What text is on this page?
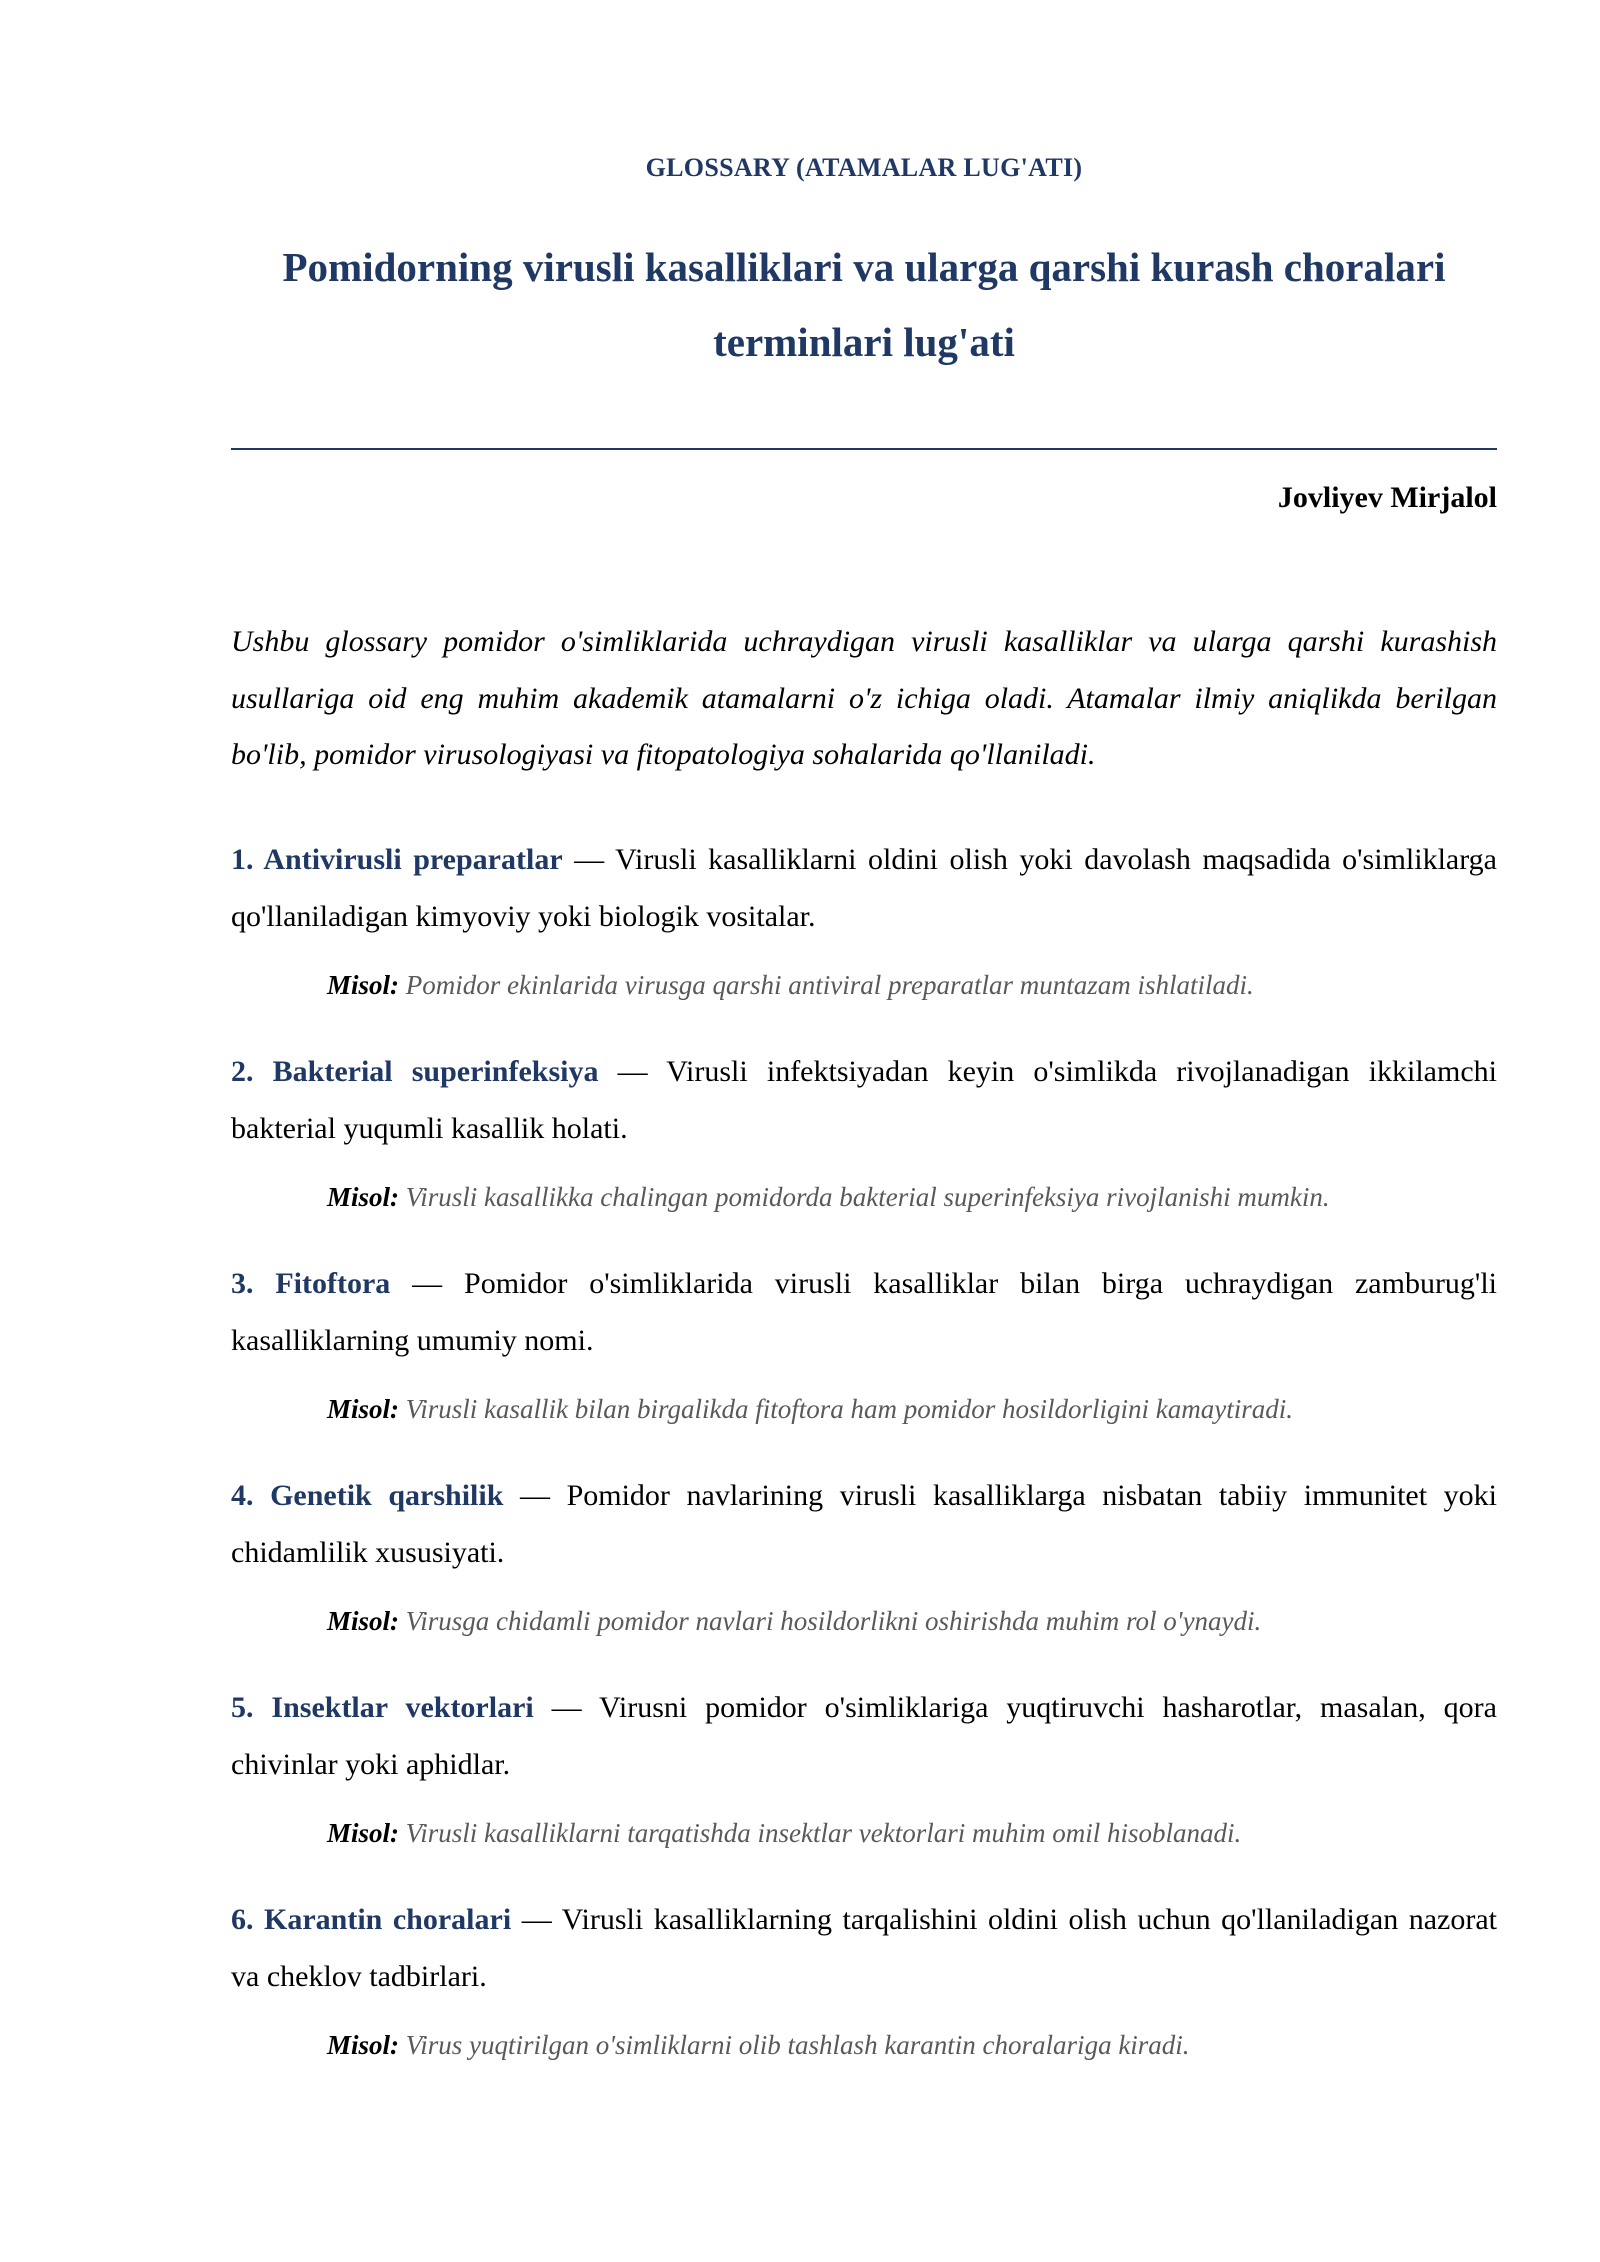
GLOSSARY (ATAMALAR LUG'ATI)
Pomidorning virusli kasalliklari va ularga qarshi kurash choralari terminlari lug'ati
Jovliyev Mirjalol

Ushbu glossary pomidor o'simliklarida uchraydigan virusli kasalliklar va ularga qarshi kurashish usullariga oid eng muhim akademik atamalarni o'z ichiga oladi. Atamalar ilmiy aniqlikda berilgan bo'lib, pomidor virusologiyasi va fitopatologiya sohalarida qo'llaniladi.

1. Antivirusli preparatlar — Virusli kasalliklarni oldini olish yoki davolash maqsadida o'simliklarga qo'llaniladigan kimyoviy yoki biologik vositalar.

Misol: Pomidor ekinlarida virusga qarshi antiviral preparatlar muntazam ishlatiladi.

2. Bakterial superinfeksiya — Virusli infektsiyadan keyin o'simlikda rivojlanadigan ikkilamchi bakterial yuqumli kasallik holati.

Misol: Virusli kasallikka chalingan pomidorda bakterial superinfeksiya rivojlanishi mumkin.

3. Fitoftora — Pomidor o'simliklarida virusli kasalliklar bilan birga uchraydigan zamburug'li kasalliklarning umumiy nomi.

Misol: Virusli kasallik bilan birgalikda fitoftora ham pomidor hosildorligini kamaytiradi.

4. Genetik qarshilik — Pomidor navlarining virusli kasalliklarga nisbatan tabiiy immunitet yoki chidamlilik xususiyati.

Misol: Virusga chidamli pomidor navlari hosildorlikni oshirishda muhim rol o'ynaydi.

5. Insektlar vektorlari — Virusni pomidor o'simliklariga yuqtiruvchi hasharotlar, masalan, qora chivinlar yoki aphidlar.

Misol: Virusli kasalliklarni tarqatishda insektlar vektorlari muhim omil hisoblanadi.

6. Karantin choralari — Virusli kasalliklarning tarqalishini oldini olish uchun qo'llaniladigan nazorat va cheklov tadbirlari.

Misol: Virus yuqtirilgan o'simliklarni olib tashlash karantin choralariga kiradi.
